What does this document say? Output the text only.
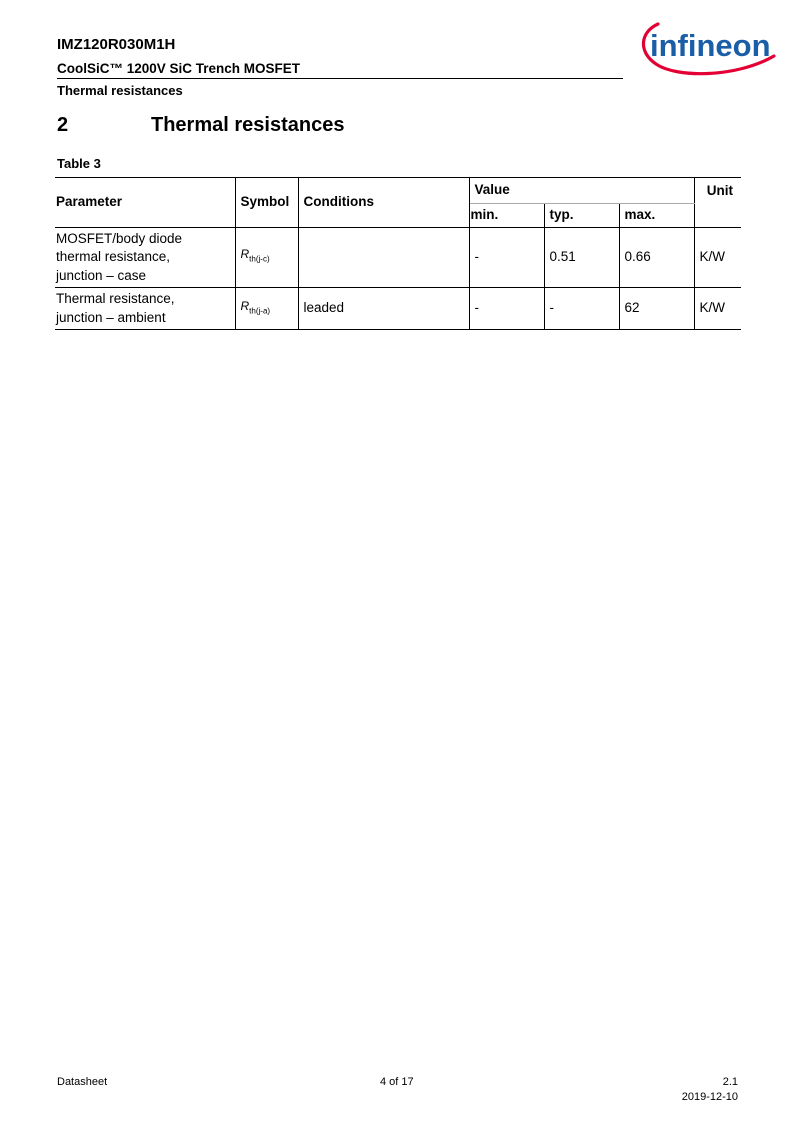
IMZ120R030M1H
CoolSiC™ 1200V SiC Trench MOSFET
Thermal resistances
infineon
2	Thermal resistances
Table 3
Parameter	Symbol	Conditions	Value			Unit
			min.	typ.	max.	

MOSFET/body diode
thermal resistance,
junction – case	$R_{th(j-c)}$		-	0.51	0.66	K/W

Thermal resistance,
junction – ambient	$R_{th(j-a)}$	leaded	-	-	62	K/W
Datasheet	4 of 17	2.1
2019-12-10
